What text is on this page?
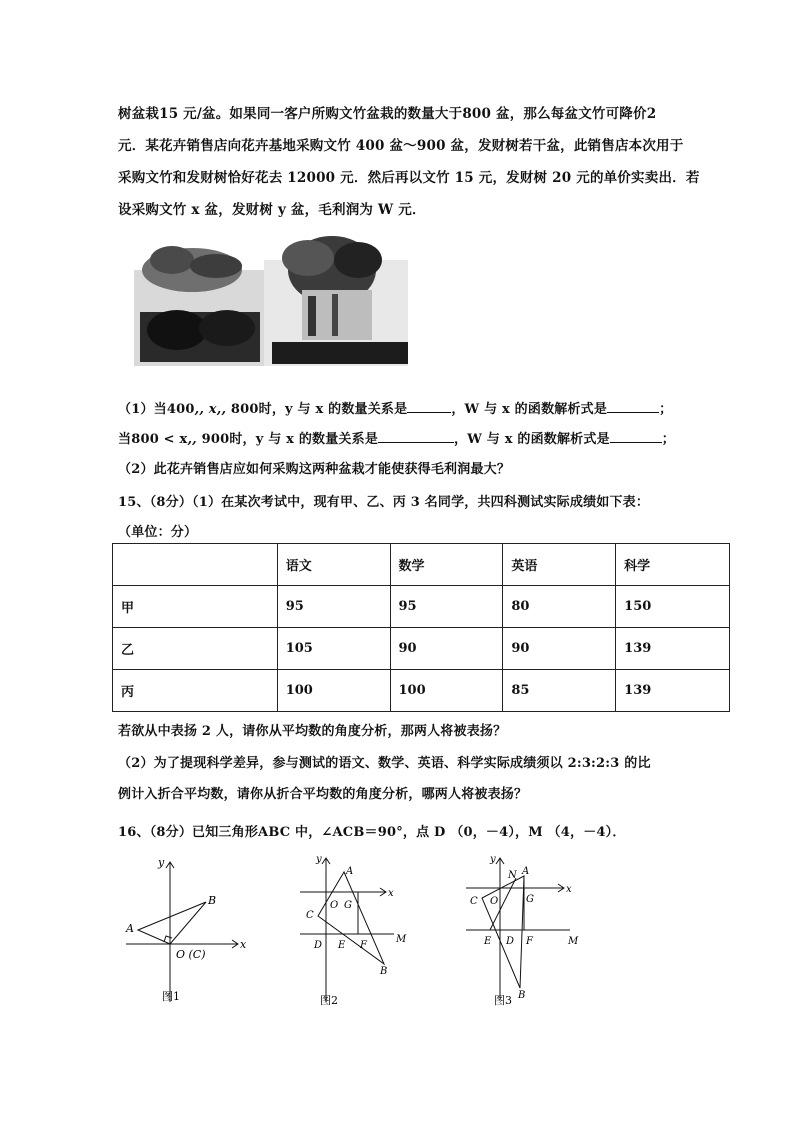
树盆栽15 元/盆。如果同一客户所购文竹盆栽的数量大于800 盆，那么每盆文竹可降价2
元．某花卉销售店向花卉基地采购文竹 400 盆～900 盆，发财树若干盆，此销售店本次用于
采购文竹和发财树恰好花去 12000 元．然后再以文竹 15 元，发财树 20 元的单价实卖出．若
设采购文竹 x 盆，发财树 y 盆，毛利润为 W 元．
（1）当400,, x,, 800时，y 与 x 的数量关系是	，W 与 x 的函数解析式是	；
当800 < x,, 900时，y 与 x 的数量关系是	，W 与 x 的函数解析式是	；
（2）此花卉销售店应如何采购这两种盆栽才能使获得毛利润最大？
15、（8分）（1）在某次考试中，现有甲、乙、丙 3 名同学，共四科测试实际成绩如下表：
（单位：分）
	语文	数学	英语	科学
甲	95	95	80	150
乙	105	90	90	139
丙	100	100	85	139
若欲从中表扬 2 人，请你从平均数的角度分析，那两人将被表扬？
（2）为了提现科学差异，参与测试的语文、数学、英语、科学实际成绩须以 2:3:2:3 的比
例计入折合平均数，请你从折合平均数的角度分析，哪两人将被表扬？
16、（8分）已知三角形ABC 中，∠ACB＝90°，点 D （0，－4），M （4，－4）．
y
x
A
B
O (C)
图1
y
x
A
B
C
O G
D E F
M
图2
y
x
A
N
B
C O	G
E D F	M
图3
